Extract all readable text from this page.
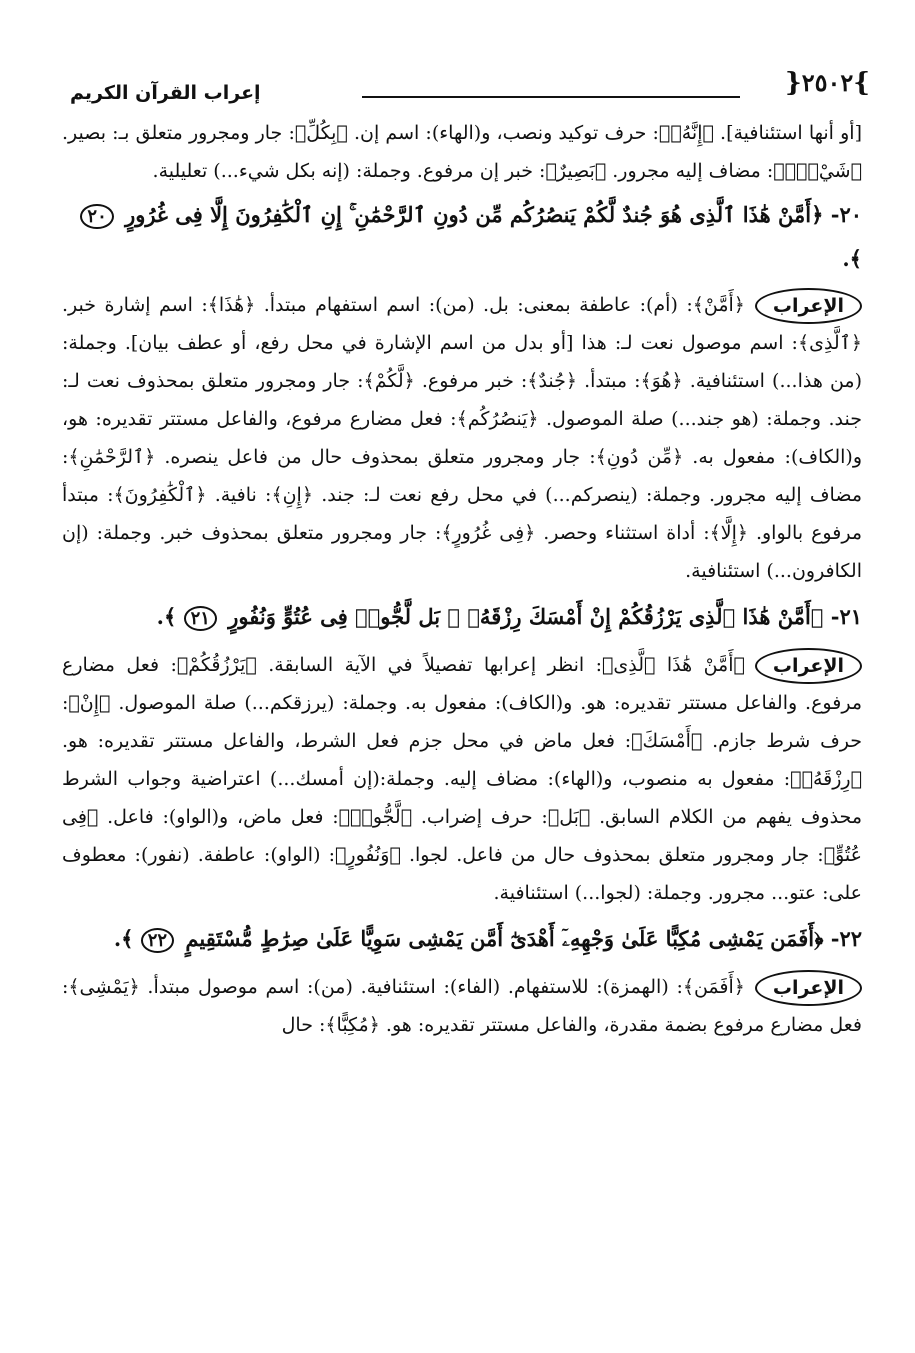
}٢٥٠٢{
إعراب القرآن الكريم

[أو أنها استئنافية]. ﴿إِنَّهُۥ﴾: حرف توكيد ونصب، و(الهاء): اسم إن. ﴿بِكُلِّ﴾: جار ومجرور متعلق بـ: بصير. ﴿شَيْءٍۭ﴾: مضاف إليه مجرور. ﴿بَصِيرٌ﴾: خبر إن مرفوع. وجملة: (إنه بكل شيء...) تعليلية.

٢٠- ﴿أَمَّنْ هَٰذَا ٱلَّذِى هُوَ جُندٌ لَّكُمْ يَنصُرُكُم مِّن دُونِ ٱلرَّحْمَٰنِ ۚ إِنِ ٱلْكَٰفِرُونَ إِلَّا فِى غُرُورٍ ٢٠ ﴾.
الإعراب

﴿أَمَّنْ﴾: (أم): عاطفة بمعنى: بل. (من): اسم استفهام مبتدأ. ﴿هَٰذَا﴾: اسم إشارة خبر. ﴿ٱلَّذِى﴾: اسم موصول نعت لـ: هذا [أو بدل من اسم الإشارة في محل رفع، أو عطف بيان]. وجملة: (من هذا...) استئنافية. ﴿هُوَ﴾: مبتدأ. ﴿جُندٌ﴾: خبر مرفوع. ﴿لَّكُمْ﴾: جار ومجرور متعلق بمحذوف نعت لـ: جند. وجملة: (هو جند...) صلة الموصول. ﴿يَنصُرُكُم﴾: فعل مضارع مرفوع، والفاعل مستتر تقديره: هو، و(الكاف): مفعول به. ﴿مِّن دُونِ﴾: جار ومجرور متعلق بمحذوف حال من فاعل ينصره. ﴿ٱلرَّحْمَٰنِ﴾: مضاف إليه مجرور. وجملة: (ينصركم...) في محل رفع نعت لـ: جند. ﴿إِنِ﴾: نافية. ﴿ٱلْكَٰفِرُونَ﴾: مبتدأ مرفوع بالواو. ﴿إِلَّا﴾: أداة استثناء وحصر. ﴿فِى غُرُورٍ﴾: جار ومجرور متعلق بمحذوف خبر. وجملة: (إن الكافرون...) استئنافية.

٢١- ﴿أَمَّنْ هَٰذَا ٱلَّذِى يَرْزُقُكُمْ إِنْ أَمْسَكَ رِزْقَهُۥ ۚ بَل لَّجُّوا۟ فِى عُتُوٍّ وَنُفُورٍ ٢١ ﴾.
الإعراب

﴿أَمَّنْ هَٰذَا ٱلَّذِى﴾: انظر إعرابها تفصيلاً في الآية السابقة. ﴿يَرْزُقُكُمْ﴾: فعل مضارع مرفوع. والفاعل مستتر تقديره: هو. و(الكاف): مفعول به. وجملة: (يرزقكم...) صلة الموصول. ﴿إِنْ﴾: حرف شرط جازم. ﴿أَمْسَكَ﴾: فعل ماض في محل جزم فعل الشرط، والفاعل مستتر تقديره: هو. ﴿رِزْقَهُۥ﴾: مفعول به منصوب، و(الهاء): مضاف إليه. وجملة:(إن أمسك...) اعتراضية وجواب الشرط محذوف يفهم من الكلام السابق. ﴿بَل﴾: حرف إضراب. ﴿لَّجُّوا۟﴾: فعل ماض، و(الواو): فاعل. ﴿فِى عُتُوٍّ﴾: جار ومجرور متعلق بمحذوف حال من فاعل. لجوا. ﴿وَنُفُورٍ﴾: (الواو): عاطفة. (نفور): معطوف على: عتو... مجرور. وجملة: (لجوا...) استئنافية.

٢٢- ﴿أَفَمَن يَمْشِى مُكِبًّا عَلَىٰ وَجْهِهِۦٓ أَهْدَىٰٓ أَمَّن يَمْشِى سَوِيًّا عَلَىٰ صِرَٰطٍ مُّسْتَقِيمٍ ٢٢ ﴾.
الإعراب

﴿أَفَمَن﴾: (الهمزة): للاستفهام. (الفاء): استئنافية. (من): اسم موصول مبتدأ. ﴿يَمْشِى﴾: فعل مضارع مرفوع بضمة مقدرة، والفاعل مستتر تقديره: هو. ﴿مُكِبًّا﴾: حال
